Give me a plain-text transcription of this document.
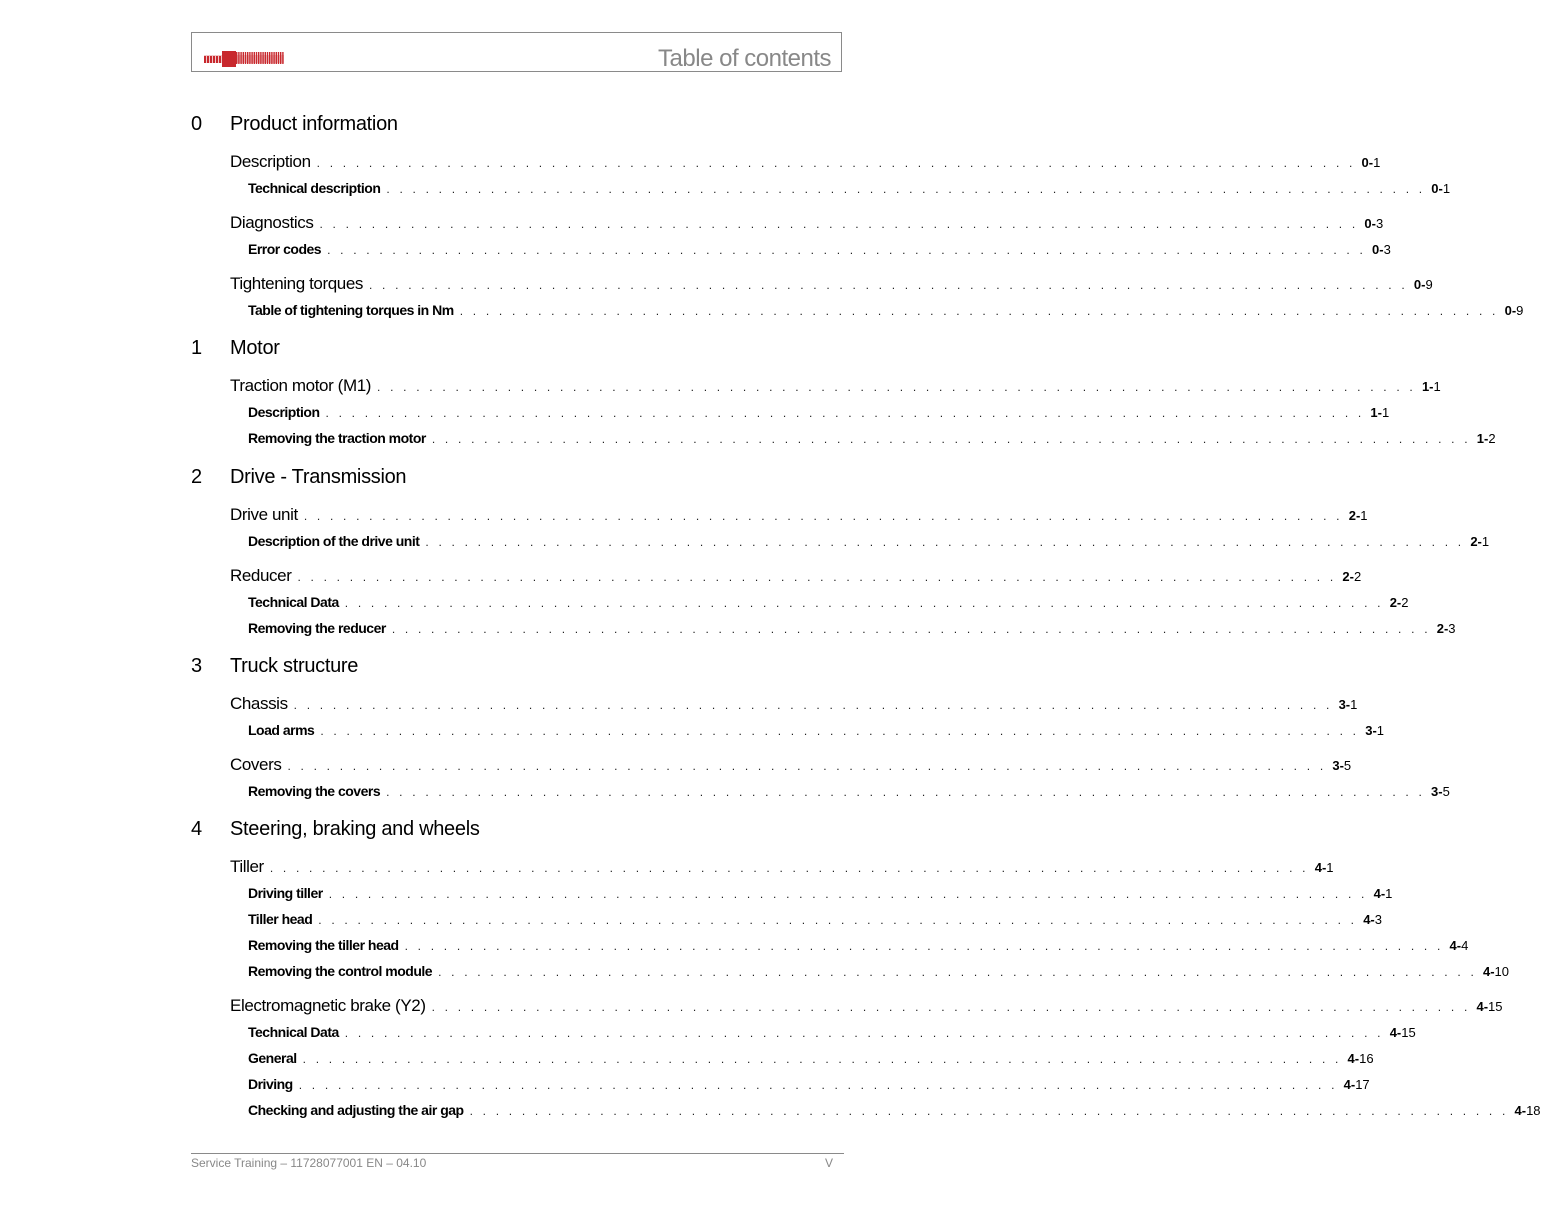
Table of contents
0 Product information
Description . . . . . . . . . . . . . . . . . . . . . . . . . . . . . . . . . . . . . . . . . . . . . . . . . . . . . . . . . . . . . . . . . . . . . . . . . . . . . . . . 0- 1
Technical description . . . . . . . . . . . . . . . . . . . . . . . . . . . . . . . . . . . . . . . . . . . . . . . . . . . . . . . . . . . . . . . . . . . . . . . . . . . . . . . . 0- 1
Diagnostics . . . . . . . . . . . . . . . . . . . . . . . . . . . . . . . . . . . . . . . . . . . . . . . . . . . . . . . . . . . . . . . . . . . . . . . . . . . . . . . . 0- 3
Error codes . . . . . . . . . . . . . . . . . . . . . . . . . . . . . . . . . . . . . . . . . . . . . . . . . . . . . . . . . . . . . . . . . . . . . . . . . . . . . . . . 0- 3
Tightening torques . . . . . . . . . . . . . . . . . . . . . . . . . . . . . . . . . . . . . . . . . . . . . . . . . . . . . . . . . . . . . . . . . . . . . . . . . . . . . . . . 0- 9
Table of tightening torques in Nm . . . . . . . . . . . . . . . . . . . . . . . . . . . . . . . . . . . . . . . . . . . . . . . . . . . . . . . . . . . . . . . . . . . . . . . . . . . . . . . . 0- 9
1 Motor
Traction motor (M1) . . . . . . . . . . . . . . . . . . . . . . . . . . . . . . . . . . . . . . . . . . . . . . . . . . . . . . . . . . . . . . . . . . . . . . . . . . . . . . . . 1- 1
Description . . . . . . . . . . . . . . . . . . . . . . . . . . . . . . . . . . . . . . . . . . . . . . . . . . . . . . . . . . . . . . . . . . . . . . . . . . . . . . . . 1- 1
Removing the traction motor . . . . . . . . . . . . . . . . . . . . . . . . . . . . . . . . . . . . . . . . . . . . . . . . . . . . . . . . . . . . . . . . . . . . . . . . . . . . . . . . 1- 2
2 Drive - Transmission
Drive unit . . . . . . . . . . . . . . . . . . . . . . . . . . . . . . . . . . . . . . . . . . . . . . . . . . . . . . . . . . . . . . . . . . . . . . . . . . . . . . . . 2- 1
Description of the drive unit . . . . . . . . . . . . . . . . . . . . . . . . . . . . . . . . . . . . . . . . . . . . . . . . . . . . . . . . . . . . . . . . . . . . . . . . . . . . . . . . 2- 1
Reducer . . . . . . . . . . . . . . . . . . . . . . . . . . . . . . . . . . . . . . . . . . . . . . . . . . . . . . . . . . . . . . . . . . . . . . . . . . . . . . . . 2- 2
Technical Data . . . . . . . . . . . . . . . . . . . . . . . . . . . . . . . . . . . . . . . . . . . . . . . . . . . . . . . . . . . . . . . . . . . . . . . . . . . . . . . . 2- 2
Removing the reducer . . . . . . . . . . . . . . . . . . . . . . . . . . . . . . . . . . . . . . . . . . . . . . . . . . . . . . . . . . . . . . . . . . . . . . . . . . . . . . . . 2- 3
3 Truck structure
Chassis . . . . . . . . . . . . . . . . . . . . . . . . . . . . . . . . . . . . . . . . . . . . . . . . . . . . . . . . . . . . . . . . . . . . . . . . . . . . . . . . 3- 1
Load arms . . . . . . . . . . . . . . . . . . . . . . . . . . . . . . . . . . . . . . . . . . . . . . . . . . . . . . . . . . . . . . . . . . . . . . . . . . . . . . . . 3- 1
Covers . . . . . . . . . . . . . . . . . . . . . . . . . . . . . . . . . . . . . . . . . . . . . . . . . . . . . . . . . . . . . . . . . . . . . . . . . . . . . . . . 3- 5
Removing the covers . . . . . . . . . . . . . . . . . . . . . . . . . . . . . . . . . . . . . . . . . . . . . . . . . . . . . . . . . . . . . . . . . . . . . . . . . . . . . . . . 3- 5
4 Steering, braking and wheels
Tiller . . . . . . . . . . . . . . . . . . . . . . . . . . . . . . . . . . . . . . . . . . . . . . . . . . . . . . . . . . . . . . . . . . . . . . . . . . . . . . . . 4- 1
Driving tiller . . . . . . . . . . . . . . . . . . . . . . . . . . . . . . . . . . . . . . . . . . . . . . . . . . . . . . . . . . . . . . . . . . . . . . . . . . . . . . . . 4- 1
Tiller head . . . . . . . . . . . . . . . . . . . . . . . . . . . . . . . . . . . . . . . . . . . . . . . . . . . . . . . . . . . . . . . . . . . . . . . . . . . . . . . . 4- 3
Removing the tiller head . . . . . . . . . . . . . . . . . . . . . . . . . . . . . . . . . . . . . . . . . . . . . . . . . . . . . . . . . . . . . . . . . . . . . . . . . . . . . . . . 4- 4
Removing the control module . . . . . . . . . . . . . . . . . . . . . . . . . . . . . . . . . . . . . . . . . . . . . . . . . . . . . . . . . . . . . . . . . . . . . . . . . . . . . . . . 4- 10
Electromagnetic brake (Y2) . . . . . . . . . . . . . . . . . . . . . . . . . . . . . . . . . . . . . . . . . . . . . . . . . . . . . . . . . . . . . . . . . . . . . . . . . . . . . . . . 4- 15
Technical Data . . . . . . . . . . . . . . . . . . . . . . . . . . . . . . . . . . . . . . . . . . . . . . . . . . . . . . . . . . . . . . . . . . . . . . . . . . . . . . . . 4- 15
General . . . . . . . . . . . . . . . . . . . . . . . . . . . . . . . . . . . . . . . . . . . . . . . . . . . . . . . . . . . . . . . . . . . . . . . . . . . . . . . . 4- 16
Driving . . . . . . . . . . . . . . . . . . . . . . . . . . . . . . . . . . . . . . . . . . . . . . . . . . . . . . . . . . . . . . . . . . . . . . . . . . . . . . . . 4- 17
Checking and adjusting the air gap . . . . . . . . . . . . . . . . . . . . . . . . . . . . . . . . . . . . . . . . . . . . . . . . . . . . . . . . . . . . . . . . . . . . . . . . . . . . . . . . 4- 18
Service Training – 11728077001 EN – 04.10	V
